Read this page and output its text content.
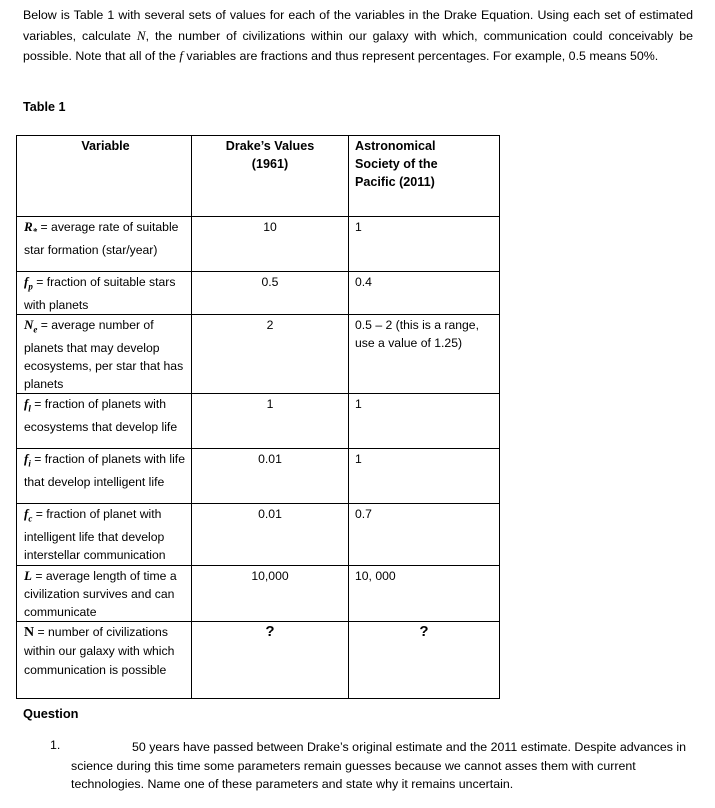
Below is Table 1 with several sets of values for each of the variables in the Drake Equation. Using each set of estimated variables, calculate N, the number of civilizations within our galaxy with which, communication could conceivably be possible. Note that all of the f variables are fractions and thus represent percentages. For example, 0.5 means 50%.
Table 1
Variable	Drake’s Values (1961)	Astronomical Society of the Pacific (2011)

$R_*$ = average rate of suitable star formation (star/year)	10	1
$f_p$ = fraction of suitable stars with planets	0.5	0.4
$N_e$ = average number of planets that may develop ecosystems, per star that has planets	2	0.5 – 2 (this is a range, use a value of 1.25)
$f_l$ = fraction of planets with ecosystems that develop life	1	1
$f_i$ = fraction of planets with life that develop intelligent life	0.01	1
$f_c$ = fraction of planet with intelligent life that develop interstellar communication	0.01	0.7
L = average length of time a civilization survives and can communicate	10,000	10, 000
N = number of civilizations within our galaxy with which communication is possible	?	?
Question
1.	50 years have passed between Drake’s original estimate and the 2011 estimate. Despite advances in science during this time some parameters remain guesses because we cannot asses them with current technologies. Name one of these parameters and state why it remains uncertain.
